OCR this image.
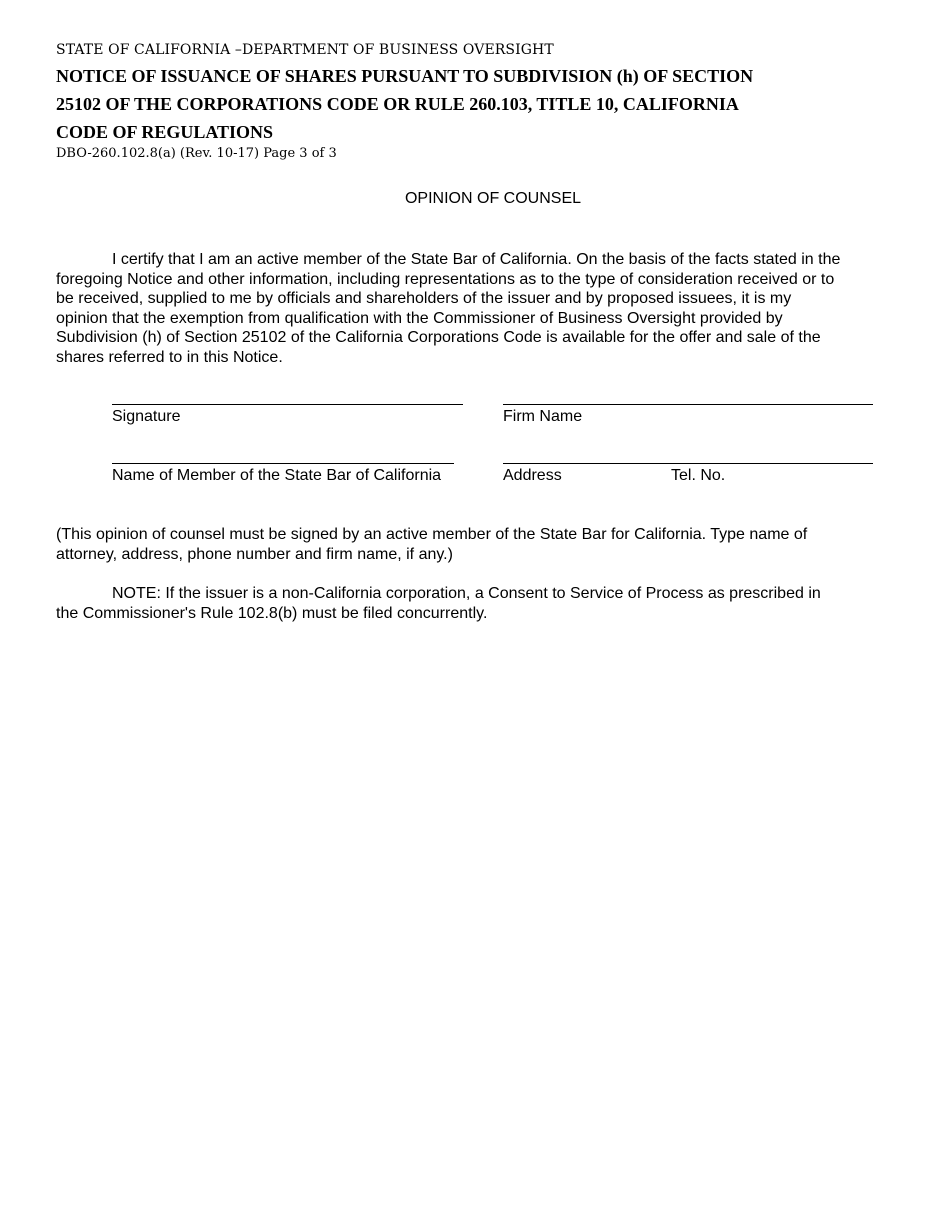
STATE OF CALIFORNIA –DEPARTMENT OF BUSINESS OVERSIGHT
NOTICE OF ISSUANCE OF SHARES PURSUANT TO SUBDIVISION (h) OF SECTION
25102 OF THE CORPORATIONS CODE OR RULE 260.103, TITLE 10, CALIFORNIA
CODE OF REGULATIONS
DBO-260.102.8(a) (Rev. 10-17) Page 3 of 3
OPINION OF COUNSEL
I certify that I am an active member of the State Bar of California. On the basis of the facts stated in the
foregoing Notice and other information, including representations as to the type of consideration received or to
be received, supplied to me by officials and shareholders of the issuer and by proposed issuees, it is my
opinion that the exemption from qualification with the Commissioner of Business Oversight provided by
Subdivision (h) of Section 25102 of the California Corporations Code is available for the offer and sale of the
shares referred to in this Notice.
Signature	Firm Name
Name of Member of the State Bar of California	Address	Tel. No.
(This opinion of counsel must be signed by an active member of the State Bar for California. Type name of
attorney, address, phone number and firm name, if any.)
NOTE: If the issuer is a non-California corporation, a Consent to Service of Process as prescribed in
the Commissioner's Rule 102.8(b) must be filed concurrently.
